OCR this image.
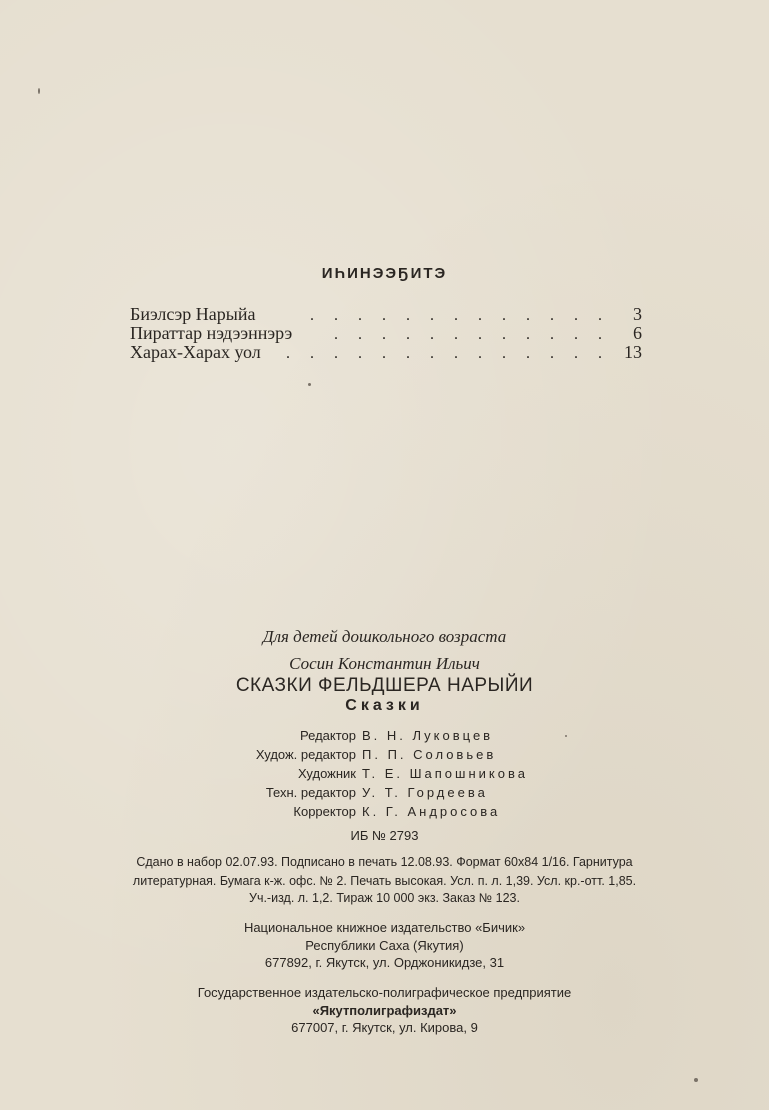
ИҺИНЭЭҔИТЭ
Биэлсэр Нарыйа	. . . . . . . . . . . . .	3
Пираттар нэдээннэрэ	. . . . . . . . . . . .	6
Харах-Харах уол	. . . . . . . . . . . . . . 13
Для детей дошкольного возраста
Сосин Константин Ильич
СКАЗКИ ФЕЛЬДШЕРА НАРЫЙИ
Сказки
Редактор В. Н. Луковцев
Худож. редактор П. П. Соловьев
Художник Т. Е. Шапошникова
Техн. редактор У. Т. Гордеева
Корректор К. Г. Андросова
ИБ № 2793
Сдано в набор 02.07.93. Подписано в печать 12.08.93. Формат 60х84 1/16. Гарнитура
литературная. Бумага к-ж. офс. № 2. Печать высокая. Усл. п. л. 1,39. Усл. кр.-отт. 1,85.
Уч.-изд. л. 1,2. Тираж 10 000 экз. Заказ № 123.
Национальное книжное издательство «Бичик»
Республики Саха (Якутия)
677892, г. Якутск, ул. Орджоникидзе, 31
Государственное издательско-полиграфическое предприятие
«Якутполиграфиздат»
677007, г. Якутск, ул. Кирова, 9
